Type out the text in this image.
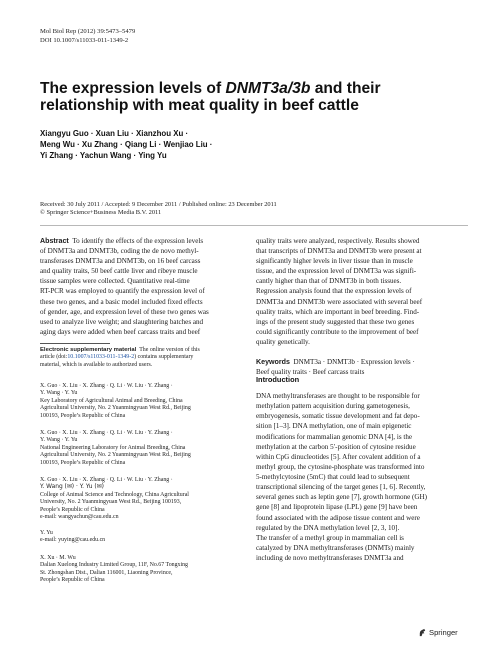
Mol Biol Rep (2012) 39:5473–5479
DOI 10.1007/s11033-011-1349-2
The expression levels of DNMT3a/3b and their relationship with meat quality in beef cattle
Xiangyu Guo · Xuan Liu · Xianzhou Xu ·
Meng Wu · Xu Zhang · Qiang Li · Wenjiao Liu ·
Yi Zhang · Yachun Wang · Ying Yu
Received: 30 July 2011 / Accepted: 9 December 2011 / Published online: 23 December 2011
© Springer Science+Business Media B.V. 2011
Abstract To identify the effects of the expression levels
of DNMT3a and DNMT3b, coding the de novo methyl-
transferases DNMT3a and DNMT3b, on 16 beef carcass
and quality traits, 50 beef cattle liver and ribeye muscle
tissue samples were collected. Quantitative real-time
RT-PCR was employed to quantify the expression level of
these two genes, and a basic model included fixed effects
of gender, age, and expression level of these two genes was
used to analyze live weight; and slaughtering batches and
aging days were added when beef carcass traits and beef
quality traits were analyzed, respectively. Results showed
that transcripts of DNMT3a and DNMT3b were present at
significantly higher levels in liver tissue than in muscle
tissue, and the expression level of DNMT3a was signifi-
cantly higher than that of DNMT3b in both tissues.
Regression analysis found that the expression levels of
DNMT3a and DNMT3b were associated with several beef
quality traits, which are important in beef breeding. Find-
ings of the present study suggested that these two genes
could significantly contribute to the improvement of beef
quality genetically.
Keywords DNMT3a · DNMT3b · Expression levels ·
Beef quality traits · Beef carcass traits
Electronic supplementary material The online version of this
article (doi:10.1007/s11033-011-1349-2) contains supplementary
material, which is available to authorized users.
X. Guo · X. Liu · X. Zhang · Q. Li · W. Liu · Y. Zhang ·
Y. Wang · Y. Yu
Key Laboratory of Agricultural Animal and Breeding, China
Agricultural University, No. 2 Yuanmingyuan West Rd., Beijing
100193, People’s Republic of China
X. Guo · X. Liu · X. Zhang · Q. Li · W. Liu · Y. Zhang ·
Y. Wang · Y. Yu
National Engineering Laboratory for Animal Breeding, China
Agricultural University, No. 2 Yuanmingyuan West Rd., Beijing
100193, People’s Republic of China
X. Guo · X. Liu · X. Zhang · Q. Li · W. Liu · Y. Zhang ·
Y. Wang (✉) · Y. Yu (✉)
College of Animal Science and Technology, China Agricultural
University, No. 2 Yuanmingyuan West Rd., Beijing 100193,
People’s Republic of China
e-mail: wangyachun@cau.edu.cn
Y. Yu
e-mail: yuying@cau.edu.cn
X. Xu · M. Wu
Dalian Xuelong Industry Limited Group, 11F, No.67 Tongxing
St. Zhongshan Dist., Dalian 116001, Liaoning Province,
People’s Republic of China
Introduction
DNA methyltransferases are thought to be responsible for
methylation pattern acquisition during gametogenesis,
embryogenesis, somatic tissue development and fat depo-
sition [1–3]. DNA methylation, one of main epigenetic
modifications for mammalian genomic DNA [4], is the
methylation at the carbon 5′-position of cytosine residue
within CpG dinucleotides [5]. After covalent addition of a
methyl group, the cytosine-phosphate was transformed into
5-methylcytosine (5mC) that could lead to subsequent
transcriptional silencing of the target genes [1, 6]. Recently,
several genes such as leptin gene [7], growth hormone (GH)
gene [8] and lipoprotein lipase (LPL) gene [9] have been
found associated with the adipose tissue content and were
regulated by the DNA methylation level [2, 3, 10].
The transfer of a methyl group in mammalian cell is
catalyzed by DNA methyltransferases (DNMTs) mainly
including de novo methyltransferases DNMT3a and
Springer
